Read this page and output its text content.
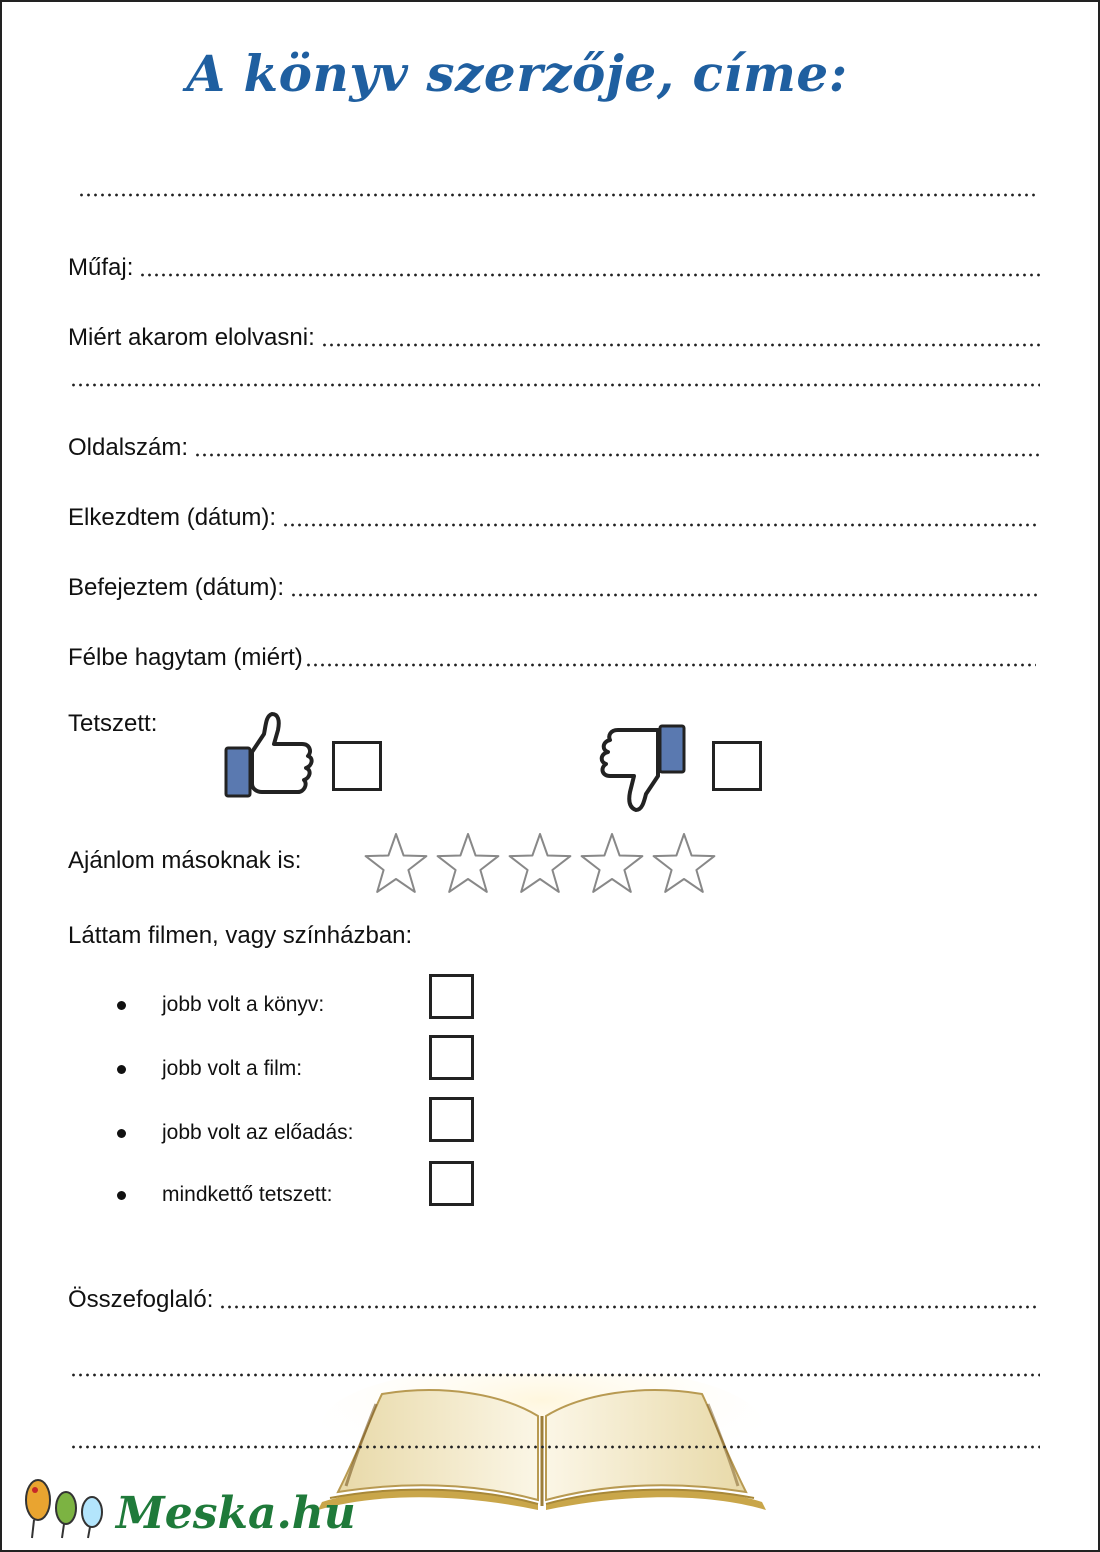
A könyv szerzője, címe:
Műfaj:
Miért akarom elolvasni:
Oldalszám:
Elkezdtem (dátum):
Befejeztem (dátum):
Félbe hagytam (miért)
Tetszett:
Ajánlom másoknak is:
Láttam filmen, vagy színházban:
jobb volt a könyv:
jobb volt a film:
jobb volt az előadás:
mindkettő tetszett:
Összefoglaló:
Meska.hu
